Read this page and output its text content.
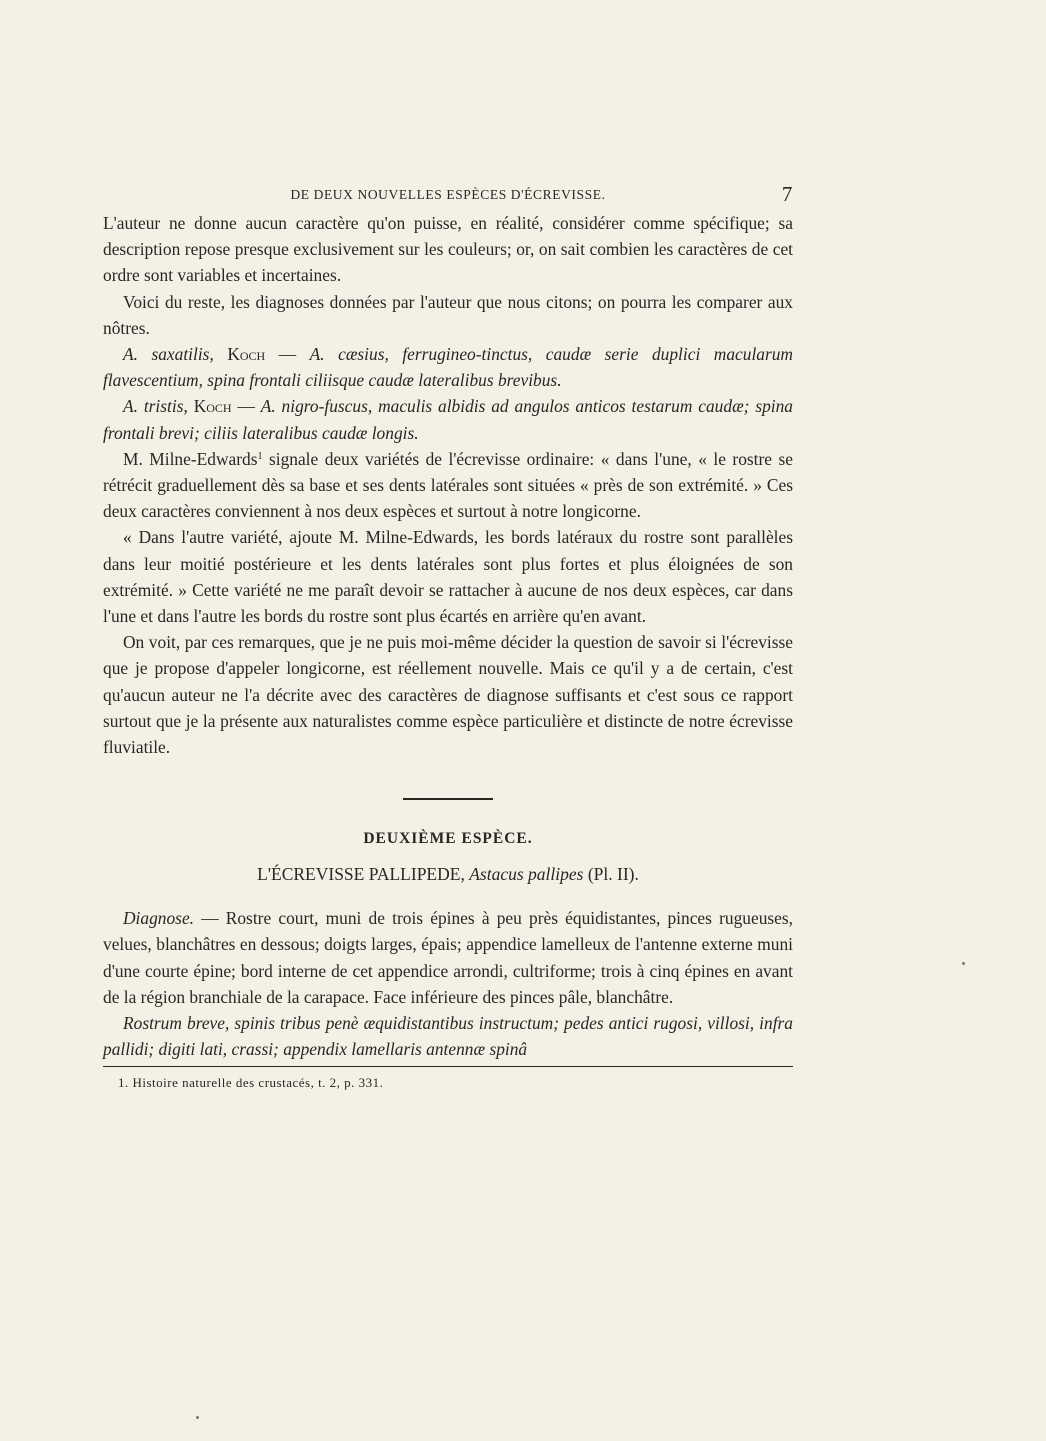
DE DEUX NOUVELLES ESPÈCES D'ÉCREVISSE.	7

L'auteur ne donne aucun caractère qu'on puisse, en réalité, considérer comme spécifique; sa description repose presque exclusivement sur les couleurs; or, on sait combien les caractères de cet ordre sont variables et incertaines.

Voici du reste, les diagnoses données par l'auteur que nous citons; on pourra les comparer aux nôtres.

A. saxatilis, Koch — A. cæsius, ferrugineo-tinctus, caudæ serie duplici macularum flavescentium, spina frontali ciliisque caudæ lateralibus brevibus.

A. tristis, Koch — A. nigro-fuscus, maculis albidis ad angulos anticos testarum caudæ; spina frontali brevi; ciliis lateralibus caudæ longis.

M. Milne-Edwards$^1$ signale deux variétés de l'écrevisse ordinaire: « dans l'une, « le rostre se rétrécit graduellement dès sa base et ses dents latérales sont situées « près de son extrémité. » Ces deux caractères conviennent à nos deux espèces et surtout à notre longicorne.

« Dans l'autre variété, ajoute M. Milne-Edwards, les bords latéraux du rostre sont parallèles dans leur moitié postérieure et les dents latérales sont plus fortes et plus éloignées de son extrémité. » Cette variété ne me paraît devoir se rattacher à aucune de nos deux espèces, car dans l'une et dans l'autre les bords du rostre sont plus écartés en arrière qu'en avant.

On voit, par ces remarques, que je ne puis moi-même décider la question de savoir si l'écrevisse que je propose d'appeler longicorne, est réellement nouvelle. Mais ce qu'il y a de certain, c'est qu'aucun auteur ne l'a décrite avec des caractères de diagnose suffisants et c'est sous ce rapport surtout que je la présente aux naturalistes comme espèce particulière et distincte de notre écrevisse fluviatile.

DEUXIÈME ESPÈCE.
L'ÉCREVISSE PALLIPEDE, Astacus pallipes (Pl. II).

Diagnose. — Rostre court, muni de trois épines à peu près équidistantes, pinces rugueuses, velues, blanchâtres en dessous; doigts larges, épais; appendice lamelleux de l'antenne externe muni d'une courte épine; bord interne de cet appendice arrondi, cultriforme; trois à cinq épines en avant de la région branchiale de la carapace. Face inférieure des pinces pâle, blanchâtre.

Rostrum breve, spinis tribus penè æquidistantibus instructum; pedes antici rugosi, villosi, infra pallidi; digiti lati, crassi; appendix lamellaris antennæ spinâ

1. Histoire naturelle des crustacés, t. 2, p. 331.
